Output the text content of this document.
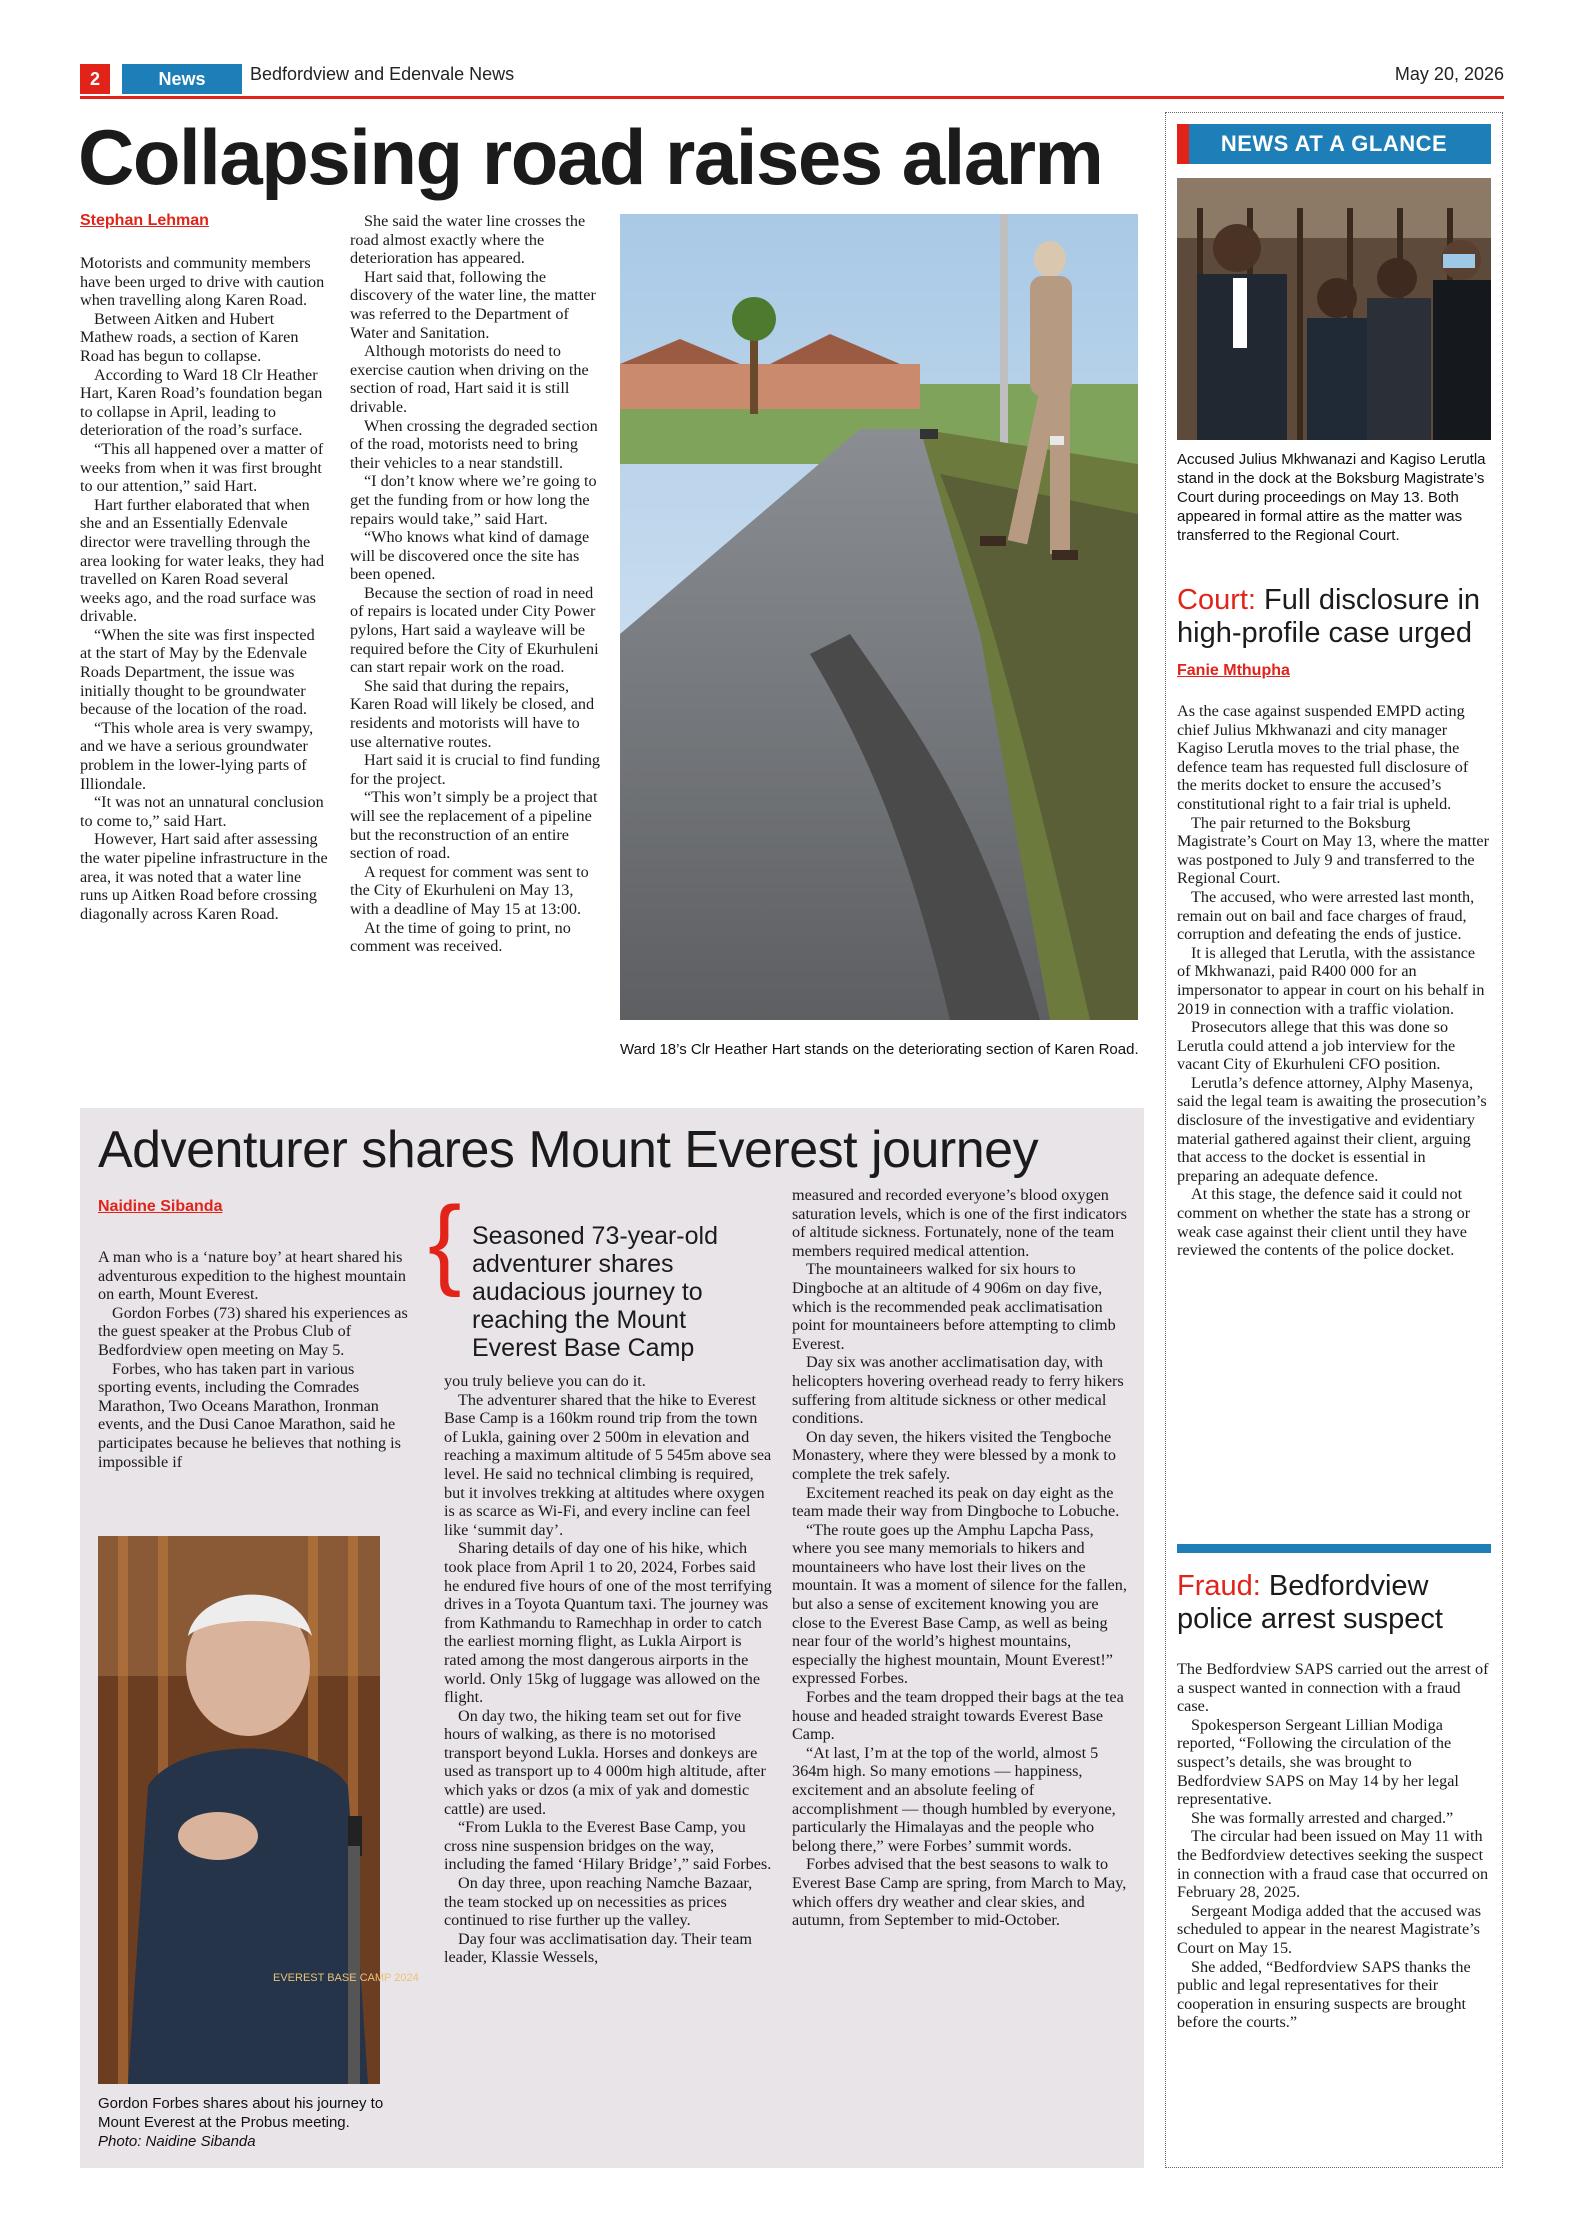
2	News	Bedfordview and Edenvale News	May 20, 2026
Collapsing road raises alarm
Stephan Lehman

Motorists and community members have been urged to drive with caution when travelling along Karen Road.

Between Aitken and Hubert Mathew roads, a section of Karen Road has begun to collapse.

According to Ward 18 Clr Heather Hart, Karen Road’s foundation began to collapse in April, leading to deterioration of the road’s surface.

“This all happened over a matter of weeks from when it was first brought to our attention,” said Hart.

Hart further elaborated that when she and an Essentially Edenvale director were travelling through the area looking for water leaks, they had travelled on Karen Road several weeks ago, and the road surface was drivable.

“When the site was first inspected at the start of May by the Edenvale Roads Department, the issue was initially thought to be groundwater because of the location of the road.

“This whole area is very swampy, and we have a serious groundwater problem in the lower-lying parts of Illiondale.

“It was not an unnatural conclusion to come to,” said Hart.

However, Hart said after assessing the water pipeline infrastructure in the area, it was noted that a water line runs up Aitken Road before crossing diagonally across Karen Road.

She said the water line crosses the road almost exactly where the deterioration has appeared.

Hart said that, following the discovery of the water line, the matter was referred to the Department of Water and Sanitation.

Although motorists do need to exercise caution when driving on the section of road, Hart said it is still drivable.

When crossing the degraded section of the road, motorists need to bring their vehicles to a near standstill.

“I don’t know where we’re going to get the funding from or how long the repairs would take,” said Hart.

“Who knows what kind of damage will be discovered once the site has been opened.

Because the section of road in need of repairs is located under City Power pylons, Hart said a wayleave will be required before the City of Ekurhuleni can start repair work on the road.

She said that during the repairs, Karen Road will likely be closed, and residents and motorists will have to use alternative routes.

Hart said it is crucial to find funding for the project.

“This won’t simply be a project that will see the replacement of a pipeline but the reconstruction of an entire section of road.

A request for comment was sent to the City of Ekurhuleni on May 13, with a deadline of May 15 at 13:00.

At the time of going to print, no comment was received.

Ward 18’s Clr Heather Hart stands on the deteriorating section of Karen Road.
NEWS AT A GLANCE
Accused Julius Mkhwanazi and Kagiso Lerutla stand in the dock at the Boksburg Magistrate’s Court during proceedings on May 13. Both appeared in formal attire as the matter was transferred to the Regional Court.
Court: Full disclosure in high-profile case urged
Fanie Mthupha

As the case against suspended EMPD acting chief Julius Mkhwanazi and city manager Kagiso Lerutla moves to the trial phase, the defence team has requested full disclosure of the merits docket to ensure the accused’s constitutional right to a fair trial is upheld.

The pair returned to the Boksburg Magistrate’s Court on May 13, where the matter was postponed to July 9 and transferred to the Regional Court.

The accused, who were arrested last month, remain out on bail and face charges of fraud, corruption and defeating the ends of justice.

It is alleged that Lerutla, with the assistance of Mkhwanazi, paid R400 000 for an impersonator to appear in court on his behalf in 2019 in connection with a traffic violation.

Prosecutors allege that this was done so Lerutla could attend a job interview for the vacant City of Ekurhuleni CFO position.

Lerutla’s defence attorney, Alphy Masenya, said the legal team is awaiting the prosecution’s disclosure of the investigative and evidentiary material gathered against their client, arguing that access to the docket is essential in preparing an adequate defence.

At this stage, the defence said it could not comment on whether the state has a strong or weak case against their client until they have reviewed the contents of the police docket.

Fraud: Bedfordview police arrest suspect

The Bedfordview SAPS carried out the arrest of a suspect wanted in connection with a fraud case.

Spokesperson Sergeant Lillian Modiga reported, “Following the circulation of the suspect’s details, she was brought to Bedfordview SAPS on May 14 by her legal representative.

She was formally arrested and charged.”

The circular had been issued on May 11 with the Bedfordview detectives seeking the suspect in connection with a fraud case that occurred on February 28, 2025.

Sergeant Modiga added that the accused was scheduled to appear in the nearest Magistrate’s Court on May 15.

She added, “Bedfordview SAPS thanks the public and legal representatives for their cooperation in ensuring suspects are brought before the courts.”

Adventurer shares Mount Everest journey
Naidine Sibanda

A man who is a ‘nature boy’ at heart shared his adventurous expedition to the highest mountain on earth, Mount Everest.

Gordon Forbes (73) shared his experiences as the guest speaker at the Probus Club of Bedfordview open meeting on May 5.

Forbes, who has taken part in various sporting events, including the Comrades Marathon, Two Oceans Marathon, Ironman events, and the Dusi Canoe Marathon, said he participates because he believes that nothing is impossible if

EVEREST BASE CAMP 2024
Gordon Forbes shares about his journey to Mount Everest at the Probus meeting.
Photo: Naidine Sibanda
{ Seasoned 73-year-old adventurer shares audacious journey to reaching the Mount Everest Base Camp

you truly believe you can do it.

The adventurer shared that the hike to Everest Base Camp is a 160km round trip from the town of Lukla, gaining over 2 500m in elevation and reaching a maximum altitude of 5 545m above sea level. He said no technical climbing is required, but it involves trekking at altitudes where oxygen is as scarce as Wi-Fi, and every incline can feel like ‘summit day’.

Sharing details of day one of his hike, which took place from April 1 to 20, 2024, Forbes said he endured five hours of one of the most terrifying drives in a Toyota Quantum taxi. The journey was from Kathmandu to Ramechhap in order to catch the earliest morning flight, as Lukla Airport is rated among the most dangerous airports in the world. Only 15kg of luggage was allowed on the flight.

On day two, the hiking team set out for five hours of walking, as there is no motorised transport beyond Lukla. Horses and donkeys are used as transport up to 4 000m high altitude, after which yaks or dzos (a mix of yak and domestic cattle) are used.

“From Lukla to the Everest Base Camp, you cross nine suspension bridges on the way, including the famed ‘Hilary Bridge’,” said Forbes.

On day three, upon reaching Namche Bazaar, the team stocked up on necessities as prices continued to rise further up the valley.

Day four was acclimatisation day. Their team leader, Klassie Wessels,

measured and recorded everyone’s blood oxygen saturation levels, which is one of the first indicators of altitude sickness. Fortunately, none of the team members required medical attention.

The mountaineers walked for six hours to Dingboche at an altitude of 4 906m on day five, which is the recommended peak acclimatisation point for mountaineers before attempting to climb Everest.

Day six was another acclimatisation day, with helicopters hovering overhead ready to ferry hikers suffering from altitude sickness or other medical conditions.

On day seven, the hikers visited the Tengboche Monastery, where they were blessed by a monk to complete the trek safely.

Excitement reached its peak on day eight as the team made their way from Dingboche to Lobuche.

“The route goes up the Amphu Lapcha Pass, where you see many memorials to hikers and mountaineers who have lost their lives on the mountain. It was a moment of silence for the fallen, but also a sense of excitement knowing you are close to the Everest Base Camp, as well as being near four of the world’s highest mountains, especially the highest mountain, Mount Everest!” expressed Forbes.

Forbes and the team dropped their bags at the tea house and headed straight towards Everest Base Camp.

“At last, I’m at the top of the world, almost 5 364m high. So many emotions — happiness, excitement and an absolute feeling of accomplishment — though humbled by everyone, particularly the Himalayas and the people who belong there,” were Forbes’ summit words.

Forbes advised that the best seasons to walk to Everest Base Camp are spring, from March to May, which offers dry weather and clear skies, and autumn, from September to mid-October.
